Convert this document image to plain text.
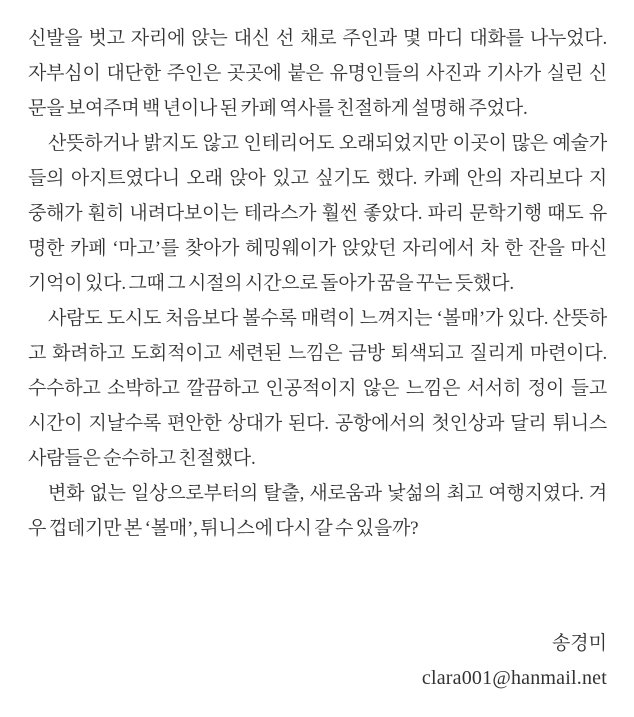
신발을 벗고 자리에 앉는 대신 선 채로 주인과 몇 마디 대화를 나누었다.
자부심이 대단한 주인은 곳곳에 붙은 유명인들의 사진과 기사가 실린 신
문을 보여주며 백 년이나 된 카페 역사를 친절하게 설명해 주었다.
산뜻하거나 밝지도 않고 인테리어도 오래되었지만 이곳이 많은 예술가
들의 아지트였다니 오래 앉아 있고 싶기도 했다. 카페 안의 자리보다 지
중해가 훤히 내려다보이는 테라스가 훨씬 좋았다. 파리 문학기행 때도 유
명한 카페 ‘마고’를 찾아가 헤밍웨이가 앉았던 자리에서 차 한 잔을 마신
기억이 있다. 그때 그 시절의 시간으로 돌아가 꿈을 꾸는 듯했다.
사람도 도시도 처음보다 볼수록 매력이 느껴지는 ‘볼매’가 있다. 산뜻하
고 화려하고 도회적이고 세련된 느낌은 금방 퇴색되고 질리게 마련이다.
수수하고 소박하고 깔끔하고 인공적이지 않은 느낌은 서서히 정이 들고
시간이 지날수록 편안한 상대가 된다. 공항에서의 첫인상과 달리 튀니스
사람들은 순수하고 친절했다.
변화 없는 일상으로부터의 탈출, 새로움과 낯섦의 최고 여행지였다. 겨
우 껍데기만 본 ‘볼매’, 튀니스에 다시 갈 수 있을까?
송경미
clara001@hanmail.net
